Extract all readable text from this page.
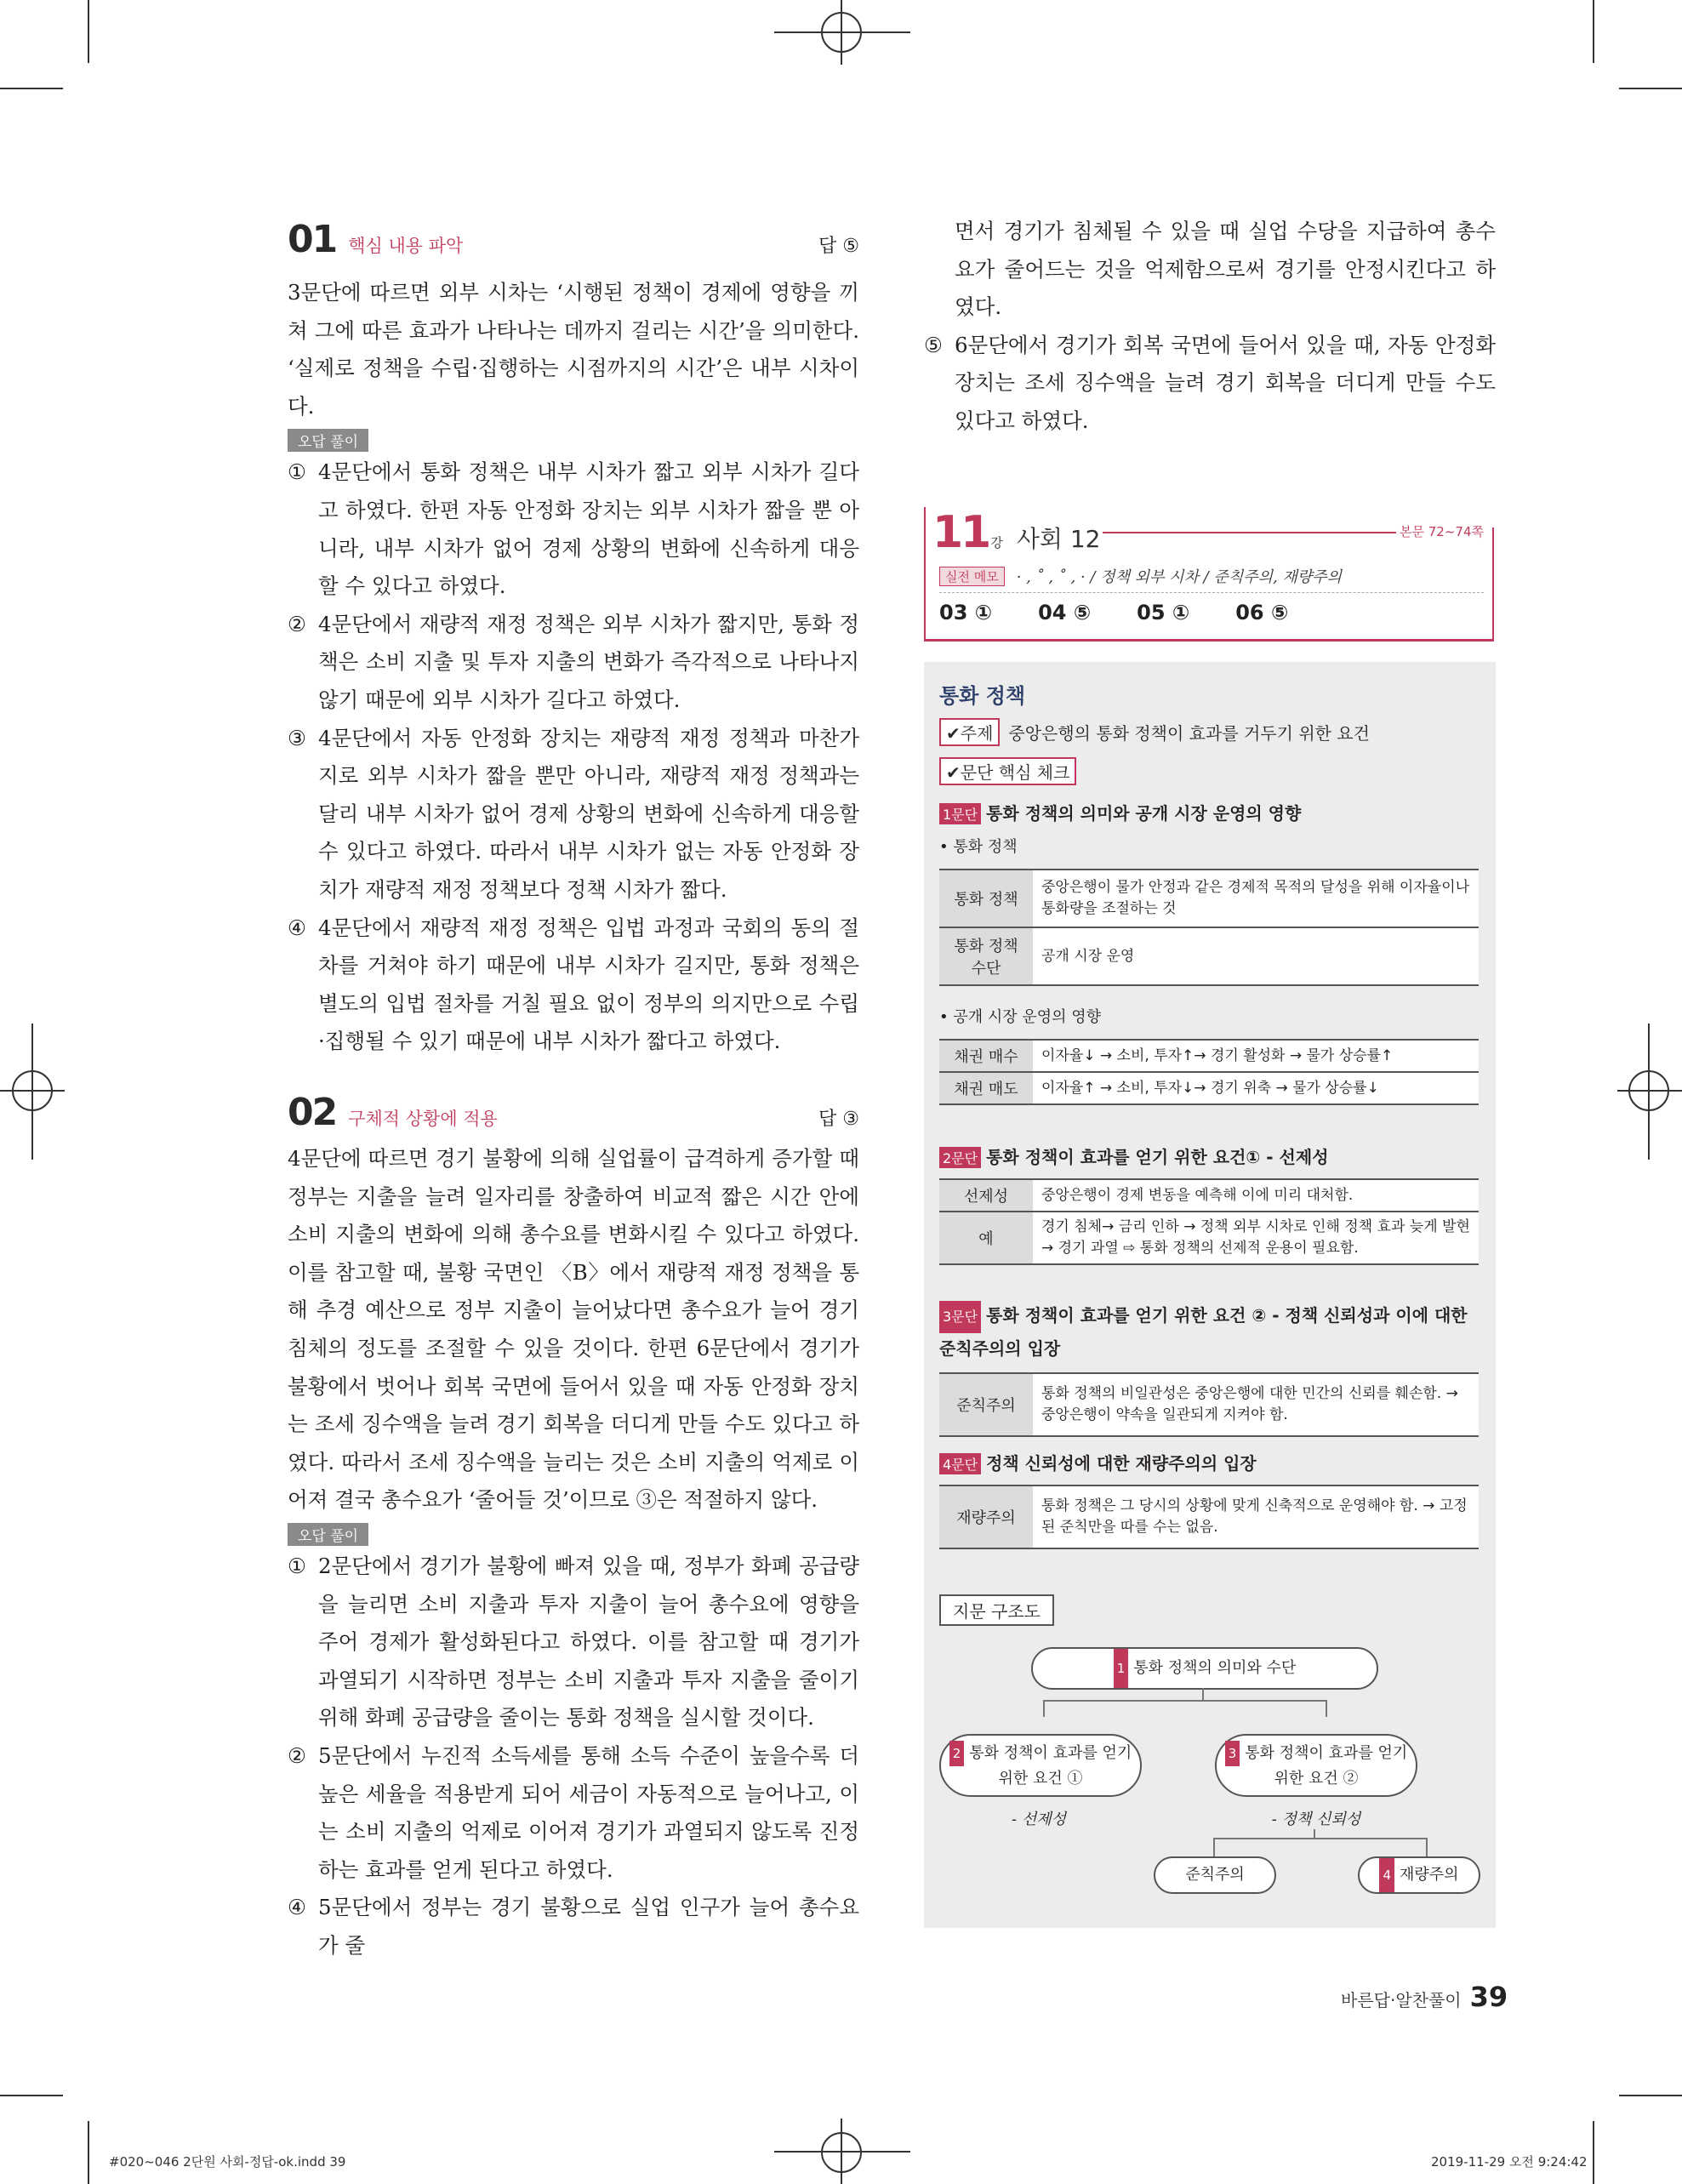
01 핵심 내용 파악	답 ⑤

3문단에 따르면 외부 시차는 ‘시행된 정책이 경제에 영향을 끼쳐 그에 따른 효과가 나타나는 데까지 걸리는 시간’을 의미한다. ‘실제로 정책을 수립·집행하는 시점까지의 시간’은 내부 시차이다.

오답 풀이
① 4문단에서 통화 정책은 내부 시차가 짧고 외부 시차가 길다고 하였다. 한편 자동 안정화 장치는 외부 시차가 짧을 뿐 아니라, 내부 시차가 없어 경제 상황의 변화에 신속하게 대응할 수 있다고 하였다.
② 4문단에서 재량적 재정 정책은 외부 시차가 짧지만, 통화 정책은 소비 지출 및 투자 지출의 변화가 즉각적으로 나타나지 않기 때문에 외부 시차가 길다고 하였다.
③ 4문단에서 자동 안정화 장치는 재량적 재정 정책과 마찬가지로 외부 시차가 짧을 뿐만 아니라, 재량적 재정 정책과는 달리 내부 시차가 없어 경제 상황의 변화에 신속하게 대응할 수 있다고 하였다. 따라서 내부 시차가 없는 자동 안정화 장치가 재량적 재정 정책보다 정책 시차가 짧다.
④ 4문단에서 재량적 재정 정책은 입법 과정과 국회의 동의 절차를 거쳐야 하기 때문에 내부 시차가 길지만, 통화 정책은 별도의 입법 절차를 거칠 필요 없이 정부의 의지만으로 수립·집행될 수 있기 때문에 내부 시차가 짧다고 하였다.
02 구체적 상황에 적용	답 ③

4문단에 따르면 경기 불황에 의해 실업률이 급격하게 증가할 때 정부는 지출을 늘려 일자리를 창출하여 비교적 짧은 시간 안에 소비 지출의 변화에 의해 총수요를 변화시킬 수 있다고 하였다. 이를 참고할 때, 불황 국면인 〈B〉에서 재량적 재정 정책을 통해 추경 예산으로 정부 지출이 늘어났다면 총수요가 늘어 경기 침체의 정도를 조절할 수 있을 것이다. 한편 6문단에서 경기가 불황에서 벗어나 회복 국면에 들어서 있을 때 자동 안정화 장치는 조세 징수액을 늘려 경기 회복을 더디게 만들 수도 있다고 하였다. 따라서 조세 징수액을 늘리는 것은 소비 지출의 억제로 이어져 결국 총수요가 ‘줄어들 것’이므로 ③은 적절하지 않다.

오답 풀이
① 2문단에서 경기가 불황에 빠져 있을 때, 정부가 화폐 공급량을 늘리면 소비 지출과 투자 지출이 늘어 총수요에 영향을 주어 경제가 활성화된다고 하였다. 이를 참고할 때 경기가 과열되기 시작하면 정부는 소비 지출과 투자 지출을 줄이기 위해 화폐 공급량을 줄이는 통화 정책을 실시할 것이다.
② 5문단에서 누진적 소득세를 통해 소득 수준이 높을수록 더 높은 세율을 적용받게 되어 세금이 자동적으로 늘어나고, 이는 소비 지출의 억제로 이어져 경기가 과열되지 않도록 진정하는 효과를 얻게 된다고 하였다.
④ 5문단에서 정부는 경기 불황으로 실업 인구가 늘어 총수요가 줄
면서 경기가 침체될 수 있을 때 실업 수당을 지급하여 총수요가 줄어드는 것을 억제함으로써 경기를 안정시킨다고 하였다.
⑤ 6문단에서 경기가 회복 국면에 들어서 있을 때, 자동 안정화 장치는 조세 징수액을 늘려 경기 회복을 더디게 만들 수도 있다고 하였다.
11 강 사회 12	본문 72~74쪽
실전 메모	· , ˚ , ˚ , · / 정책 외부 시차 / 준칙주의, 재량주의
03 ① 04 ⑤ 05 ① 06 ⑤
통화 정책
✔주제 중앙은행의 통화 정책이 효과를 거두기 위한 요건
✔문단 핵심 체크
1문단 통화 정책의 의미와 공개 시장 운영의 영향
• 통화 정책
통화 정책	중앙은행이 물가 안정과 같은 경제적 목적의 달성을 위해 이자율이나 통화량을 조절하는 것
통화 정책 수단	공개 시장 운영
• 공개 시장 운영의 영향
채권 매수	이자율↓ → 소비, 투자↑→ 경기 활성화 → 물가 상승률↑
채권 매도	이자율↑ → 소비, 투자↓→ 경기 위축 → 물가 상승률↓
2문단 통화 정책이 효과를 얻기 위한 요건① - 선제성
선제성	중앙은행이 경제 변동을 예측해 이에 미리 대처함.
예	경기 침체→ 금리 인하 → 정책 외부 시차로 인해 정책 효과 늦게 발현 → 경기 과열 ⇨ 통화 정책의 선제적 운용이 필요함.
3문단 통화 정책이 효과를 얻기 위한 요건 ② - 정책 신뢰성과 이에 대한 준칙주의의 입장
준칙주의	통화 정책의 비일관성은 중앙은행에 대한 민간의 신뢰를 훼손함. → 중앙은행이 약속을 일관되게 지켜야 함.
4문단 정책 신뢰성에 대한 재량주의의 입장
재량주의	통화 정책은 그 당시의 상황에 맞게 신축적으로 운영해야 함. → 고정된 준칙만을 따를 수는 없음.
지문 구조도
1 통화 정책의 의미와 수단
2 통화 정책이 효과를 얻기 위한 요건 ①
- 선제성
3 통화 정책이 효과를 얻기 위한 요건 ②
- 정책 신뢰성
준칙주의	4 재량주의
바른답·알찬풀이 39
#020~046 2단원 사회-정답-ok.indd 39	2019-11-29 오전 9:24:42
